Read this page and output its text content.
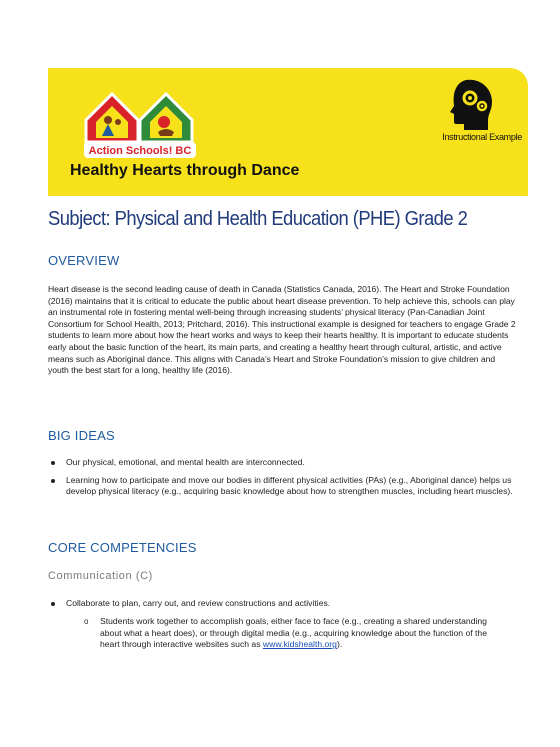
Action Schools! BC
Healthy Hearts through Dance
Instructional Example
Subject: Physical and Health Education (PHE) Grade 2
OVERVIEW
Heart disease is the second leading cause of death in Canada (Statistics Canada, 2016). The Heart and Stroke Foundation (2016) maintains that it is critical to educate the public about heart disease prevention. To help achieve this, schools can play an instrumental role in fostering mental well-being through increasing students’ physical literacy (Pan-Canadian Joint Consortium for School Health, 2013; Pritchard, 2016). This instructional example is designed for teachers to engage Grade 2 students to learn more about how the heart works and ways to keep their hearts healthy. It is important to educate students early about the basic function of the heart, its main parts, and creating a healthy heart through cultural, artistic, and active means such as Aboriginal dance. This aligns with Canada’s Heart and Stroke Foundation’s mission to give children and youth the best start for a long, healthy life (2016).
BIG IDEAS
Our physical, emotional, and mental health are interconnected.
Learning how to participate and move our bodies in different physical activities (PAs) (e.g., Aboriginal dance) helps us develop physical literacy (e.g., acquiring basic knowledge about how to strengthen muscles, including heart muscles).
CORE COMPETENCIES
Communication (C)
Collaborate to plan, carry out, and review constructions and activities.
o Students work together to accomplish goals, either face to face (e.g., creating a shared understanding about what a heart does), or through digital media (e.g., acquiring knowledge about the function of the heart through interactive websites such as www.kidshealth.org).
